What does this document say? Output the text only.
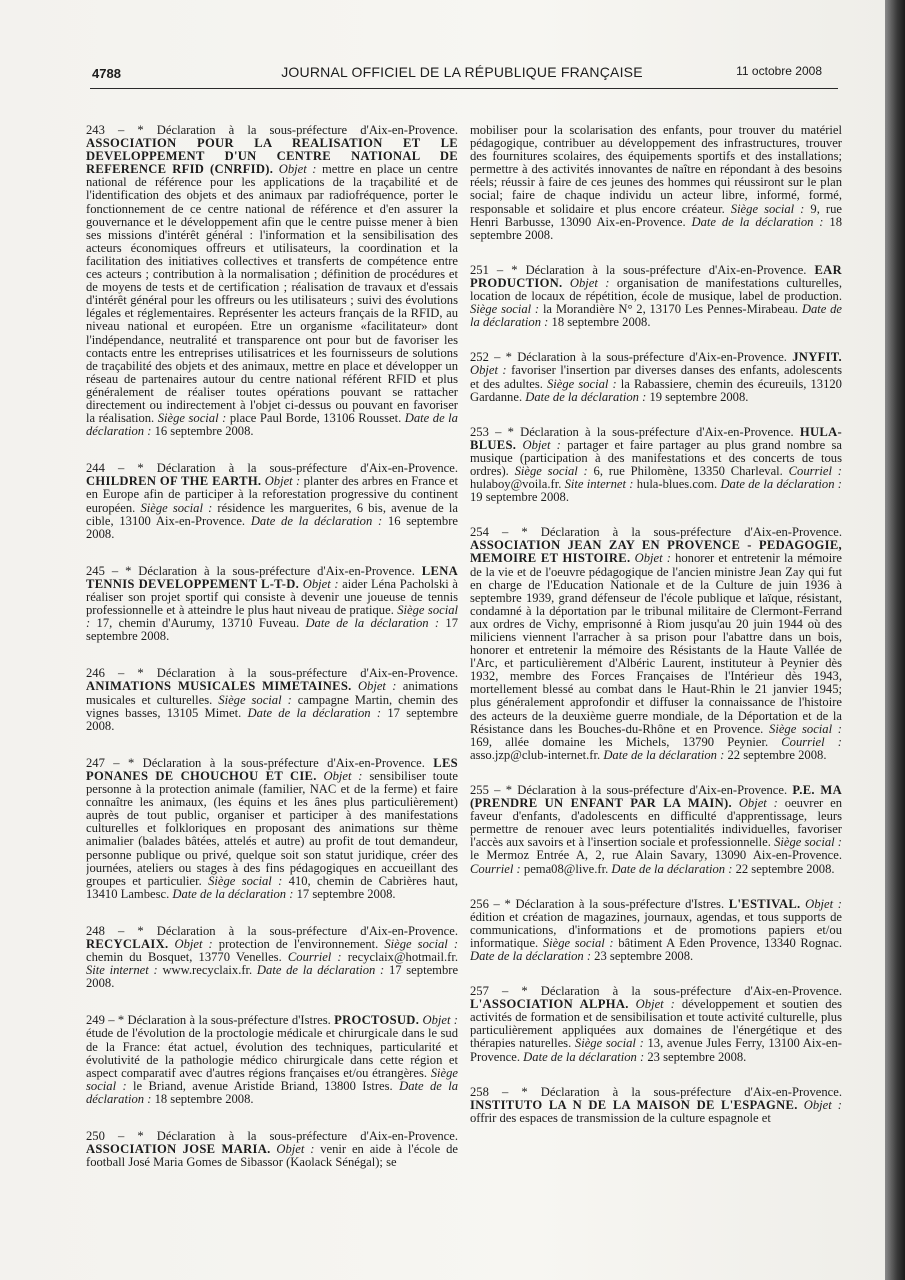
4788	JOURNAL OFFICIEL DE LA RÉPUBLIQUE FRANÇAISE	11 octobre 2008

243 – * Déclaration à la sous-préfecture d'Aix-en-Provence. ASSOCIATION POUR LA REALISATION ET LE DEVELOPPEMENT D'UN CENTRE NATIONAL DE REFERENCE RFID (CNRFID). Objet : mettre en place un centre national de référence pour les applications de la traçabilité et de l'identification des objets et des animaux par radiofréquence, porter le fonctionnement de ce centre national de référence et d'en assurer la gouvernance et le développement afin que le centre puisse mener à bien ses missions d'intérêt général : l'information et la sensibilisation des acteurs économiques offreurs et utilisateurs, la coordination et la facilitation des initiatives collectives et transferts de compétence entre ces acteurs ; contribution à la normalisation ; définition de procédures et de moyens de tests et de certification ; réalisation de travaux et d'essais d'intérêt général pour les offreurs ou les utilisateurs ; suivi des évolutions légales et réglementaires. Représenter les acteurs français de la RFID, au niveau national et européen. Etre un organisme «facilitateur» dont l'indépendance, neutralité et transparence ont pour but de favoriser les contacts entre les entreprises utilisatrices et les fournisseurs de solutions de traçabilité des objets et des animaux, mettre en place et développer un réseau de partenaires autour du centre national référent RFID et plus généralement de réaliser toutes opérations pouvant se rattacher directement ou indirectement à l'objet ci-dessus ou pouvant en favoriser la réalisation. Siège social : place Paul Borde, 13106 Rousset. Date de la déclaration : 16 septembre 2008.

244 – * Déclaration à la sous-préfecture d'Aix-en-Provence. CHILDREN OF THE EARTH. Objet : planter des arbres en France et en Europe afin de participer à la reforestation progressive du continent européen. Siège social : résidence les marguerites, 6 bis, avenue de la cible, 13100 Aix-en-Provence. Date de la déclaration : 16 septembre 2008.

245 – * Déclaration à la sous-préfecture d'Aix-en-Provence. LENA TENNIS DEVELOPPEMENT L-T-D. Objet : aider Léna Pacholski à réaliser son projet sportif qui consiste à devenir une joueuse de tennis professionnelle et à atteindre le plus haut niveau de pratique. Siège social : 17, chemin d'Aurumy, 13710 Fuveau. Date de la déclaration : 17 septembre 2008.

246 – * Déclaration à la sous-préfecture d'Aix-en-Provence. ANIMATIONS MUSICALES MIMETAINES. Objet : animations musicales et culturelles. Siège social : campagne Martin, chemin des vignes basses, 13105 Mimet. Date de la déclaration : 17 septembre 2008.

247 – * Déclaration à la sous-préfecture d'Aix-en-Provence. LES PONANES DE CHOUCHOU ET CIE. Objet : sensibiliser toute personne à la protection animale (familier, NAC et de la ferme) et faire connaître les animaux, (les équins et les ânes plus particulièrement) auprès de tout public, organiser et participer à des manifestations culturelles et folkloriques en proposant des animations sur thème animalier (balades bâtées, attelés et autre) au profit de tout demandeur, personne publique ou privé, quelque soit son statut juridique, créer des journées, ateliers ou stages à des fins pédagogiques en accueillant des groupes et particulier. Siège social : 410, chemin de Cabrières haut, 13410 Lambesc. Date de la déclaration : 17 septembre 2008.

248 – * Déclaration à la sous-préfecture d'Aix-en-Provence. RECYCLAIX. Objet : protection de l'environnement. Siège social : chemin du Bosquet, 13770 Venelles. Courriel : recyclaix@hotmail.fr. Site internet : www.recyclaix.fr. Date de la déclaration : 17 septembre 2008.

249 – * Déclaration à la sous-préfecture d'Istres. PROCTOSUD. Objet : étude de l'évolution de la proctologie médicale et chirurgicale dans le sud de la France: état actuel, évolution des techniques, particularité et évolutivité de la pathologie médico chirurgicale dans cette région et aspect comparatif avec d'autres régions françaises et/ou étrangères. Siège social : le Briand, avenue Aristide Briand, 13800 Istres. Date de la déclaration : 18 septembre 2008.

250 – * Déclaration à la sous-préfecture d'Aix-en-Provence. ASSOCIATION JOSE MARIA. Objet : venir en aide à l'école de football José Maria Gomes de Sibassor (Kaolack Sénégal); se

mobiliser pour la scolarisation des enfants, pour trouver du matériel pédagogique, contribuer au développement des infrastructures, trouver des fournitures scolaires, des équipements sportifs et des installations; permettre à des activités innovantes de naître en répondant à des besoins réels; réussir à faire de ces jeunes des hommes qui réussiront sur le plan social; faire de chaque individu un acteur libre, informé, formé, responsable et solidaire et plus encore créateur. Siège social : 9, rue Henri Barbusse, 13090 Aix-en-Provence. Date de la déclaration : 18 septembre 2008.

251 – * Déclaration à la sous-préfecture d'Aix-en-Provence. EAR PRODUCTION. Objet : organisation de manifestations culturelles, location de locaux de répétition, école de musique, label de production. Siège social : la Morandière N° 2, 13170 Les Pennes-Mirabeau. Date de la déclaration : 18 septembre 2008.

252 – * Déclaration à la sous-préfecture d'Aix-en-Provence. JNYFIT. Objet : favoriser l'insertion par diverses danses des enfants, adolescents et des adultes. Siège social : la Rabassiere, chemin des écureuils, 13120 Gardanne. Date de la déclaration : 19 septembre 2008.

253 – * Déclaration à la sous-préfecture d'Aix-en-Provence. HULA-BLUES. Objet : partager et faire partager au plus grand nombre sa musique (participation à des manifestations et des concerts de tous ordres). Siège social : 6, rue Philomène, 13350 Charleval. Courriel : hulaboy@voila.fr. Site internet : hula-blues.com. Date de la déclaration : 19 septembre 2008.

254 – * Déclaration à la sous-préfecture d'Aix-en-Provence. ASSOCIATION JEAN ZAY EN PROVENCE - PEDAGOGIE, MEMOIRE ET HISTOIRE. Objet : honorer et entretenir la mémoire de la vie et de l'oeuvre pédagogique de l'ancien ministre Jean Zay qui fut en charge de l'Education Nationale et de la Culture de juin 1936 à septembre 1939, grand défenseur de l'école publique et laïque, résistant, condamné à la déportation par le tribunal militaire de Clermont-Ferrand aux ordres de Vichy, emprisonné à Riom jusqu'au 20 juin 1944 où des miliciens viennent l'arracher à sa prison pour l'abattre dans un bois, honorer et entretenir la mémoire des Résistants de la Haute Vallée de l'Arc, et particulièrement d'Albéric Laurent, instituteur à Peynier dès 1932, membre des Forces Françaises de l'Intérieur dès 1943, mortellement blessé au combat dans le Haut-Rhin le 21 janvier 1945; plus généralement approfondir et diffuser la connaissance de l'histoire des acteurs de la deuxième guerre mondiale, de la Déportation et de la Résistance dans les Bouches-du-Rhône et en Provence. Siège social : 169, allée domaine les Michels, 13790 Peynier. Courriel : asso.jzp@club-internet.fr. Date de la déclaration : 22 septembre 2008.

255 – * Déclaration à la sous-préfecture d'Aix-en-Provence. P.E. MA (PRENDRE UN ENFANT PAR LA MAIN). Objet : oeuvrer en faveur d'enfants, d'adolescents en difficulté d'apprentissage, leurs permettre de renouer avec leurs potentialités individuelles, favoriser l'accès aux savoirs et à l'insertion sociale et professionnelle. Siège social : le Mermoz Entrée A, 2, rue Alain Savary, 13090 Aix-en-Provence. Courriel : pema08@live.fr. Date de la déclaration : 22 septembre 2008.

256 – * Déclaration à la sous-préfecture d'Istres. L'ESTIVAL. Objet : édition et création de magazines, journaux, agendas, et tous supports de communications, d'informations et de promotions papiers et/ou informatique. Siège social : bâtiment A Eden Provence, 13340 Rognac. Date de la déclaration : 23 septembre 2008.

257 – * Déclaration à la sous-préfecture d'Aix-en-Provence. L'ASSOCIATION ALPHA. Objet : développement et soutien des activités de formation et de sensibilisation et toute activité culturelle, plus particulièrement appliquées aux domaines de l'énergétique et des thérapies naturelles. Siège social : 13, avenue Jules Ferry, 13100 Aix-en-Provence. Date de la déclaration : 23 septembre 2008.

258 – * Déclaration à la sous-préfecture d'Aix-en-Provence. INSTITUTO LA N DE LA MAISON DE L'ESPAGNE. Objet : offrir des espaces de transmission de la culture espagnole et
